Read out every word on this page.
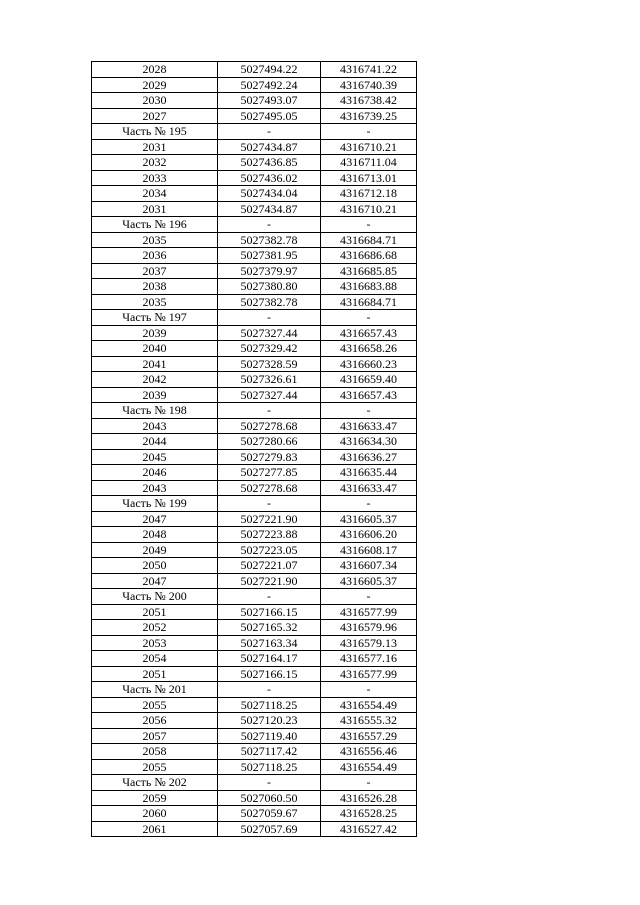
2028	5027494.22	4316741.22
2029	5027492.24	4316740.39
2030	5027493.07	4316738.42
2027	5027495.05	4316739.25
Часть № 195	-	-
2031	5027434.87	4316710.21
2032	5027436.85	4316711.04
2033	5027436.02	4316713.01
2034	5027434.04	4316712.18
2031	5027434.87	4316710.21
Часть № 196	-	-
2035	5027382.78	4316684.71
2036	5027381.95	4316686.68
2037	5027379.97	4316685.85
2038	5027380.80	4316683.88
2035	5027382.78	4316684.71
Часть № 197	-	-
2039	5027327.44	4316657.43
2040	5027329.42	4316658.26
2041	5027328.59	4316660.23
2042	5027326.61	4316659.40
2039	5027327.44	4316657.43
Часть № 198	-	-
2043	5027278.68	4316633.47
2044	5027280.66	4316634.30
2045	5027279.83	4316636.27
2046	5027277.85	4316635.44
2043	5027278.68	4316633.47
Часть № 199	-	-
2047	5027221.90	4316605.37
2048	5027223.88	4316606.20
2049	5027223.05	4316608.17
2050	5027221.07	4316607.34
2047	5027221.90	4316605.37
Часть № 200	-	-
2051	5027166.15	4316577.99
2052	5027165.32	4316579.96
2053	5027163.34	4316579.13
2054	5027164.17	4316577.16
2051	5027166.15	4316577.99
Часть № 201	-	-
2055	5027118.25	4316554.49
2056	5027120.23	4316555.32
2057	5027119.40	4316557.29
2058	5027117.42	4316556.46
2055	5027118.25	4316554.49
Часть № 202	-	-
2059	5027060.50	4316526.28
2060	5027059.67	4316528.25
2061	5027057.69	4316527.42
